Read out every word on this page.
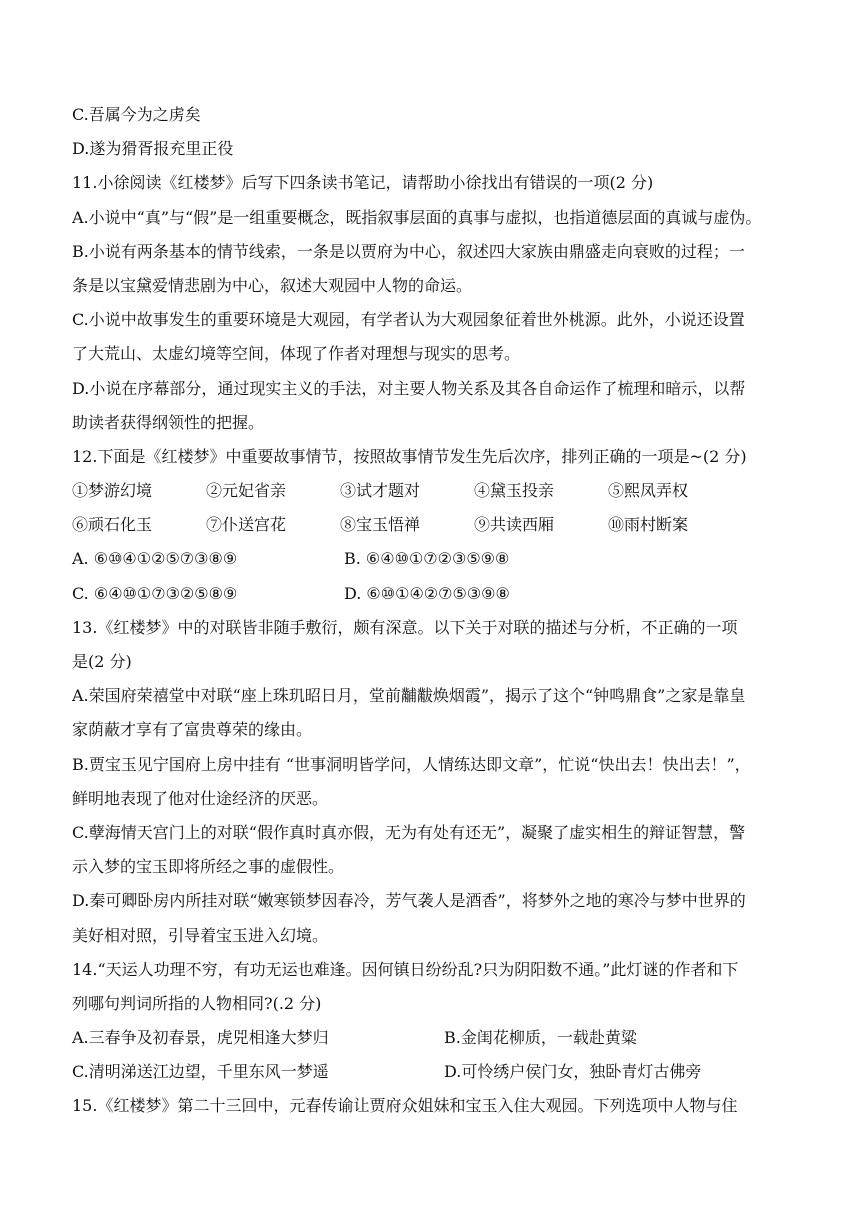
C.吾属今为之虏矣
D.遂为猾胥报充里正役
11.小徐阅读《红楼梦》后写下四条读书笔记，请帮助小徐找出有错误的一项(2 分)
A.小说中“真”与“假”是一组重要概念，既指叙事层面的真事与虚拟，也指道德层面的真诚与虚伪。
B.小说有两条基本的情节线索，一条是以贾府为中心，叙述四大家族由鼎盛走向衰败的过程；一
条是以宝黛爱情悲剧为中心，叙述大观园中人物的命运。
C.小说中故事发生的重要环境是大观园，有学者认为大观园象征着世外桃源。此外，小说还设置
了大荒山、太虚幻境等空间，体现了作者对理想与现实的思考。
D.小说在序幕部分，通过现实主义的手法，对主要人物关系及其各自命运作了梳理和暗示，以帮
助读者获得纲领性的把握。
12.下面是《红楼梦》中重要故事情节，按照故事情节发生先后次序，排列正确的一项是~(2 分)
①梦游幻境	②元妃省亲	③试才题对	④黛玉投亲	⑤熙凤弄权
⑥顽石化玉	⑦仆送宫花	⑧宝玉悟禅	⑨共读西厢	⑩雨村断案
A. ⑥⑩④①②⑤⑦③⑧⑨	B. ⑥④⑩①⑦②③⑤⑨⑧
C. ⑥④⑩①⑦③②⑤⑧⑨	D. ⑥⑩①④②⑦⑤③⑨⑧
13.《红楼梦》中的对联皆非随手敷衍，颇有深意。以下关于对联的描述与分析，不正确的一项
是(2 分)
A.荣国府荣禧堂中对联“座上珠玑昭日月，堂前黼黻焕烟霞”，揭示了这个“钟鸣鼎食”之家是靠皇
家荫蔽才享有了富贵尊荣的缘由。
B.贾宝玉见宁国府上房中挂有 “世事洞明皆学问，人情练达即文章”，忙说“快出去！快出去！”，
鲜明地表现了他对仕途经济的厌恶。
C.孽海情天宫门上的对联“假作真时真亦假，无为有处有还无”，凝聚了虚实相生的辩证智慧，警
示入梦的宝玉即将所经之事的虚假性。
D.秦可卿卧房内所挂对联“嫩寒锁梦因春冷，芳气袭人是酒香”，将梦外之地的寒冷与梦中世界的
美好相对照，引导着宝玉进入幻境。
14.“天运人功理不穷，有功无运也难逢。因何镇日纷纷乱?只为阴阳数不通。”此灯谜的作者和下
列哪句判词所指的人物相同?(.2 分)
A.三春争及初春景，虎兕相逢大梦归	B.金闺花柳质，一载赴黄粱
C.清明涕送江边望，千里东风一梦遥	D.可怜绣户侯门女，独卧青灯古佛旁
15.《红楼梦》第二十三回中，元春传谕让贾府众姐妹和宝玉入住大观园。下列选项中人物与住
